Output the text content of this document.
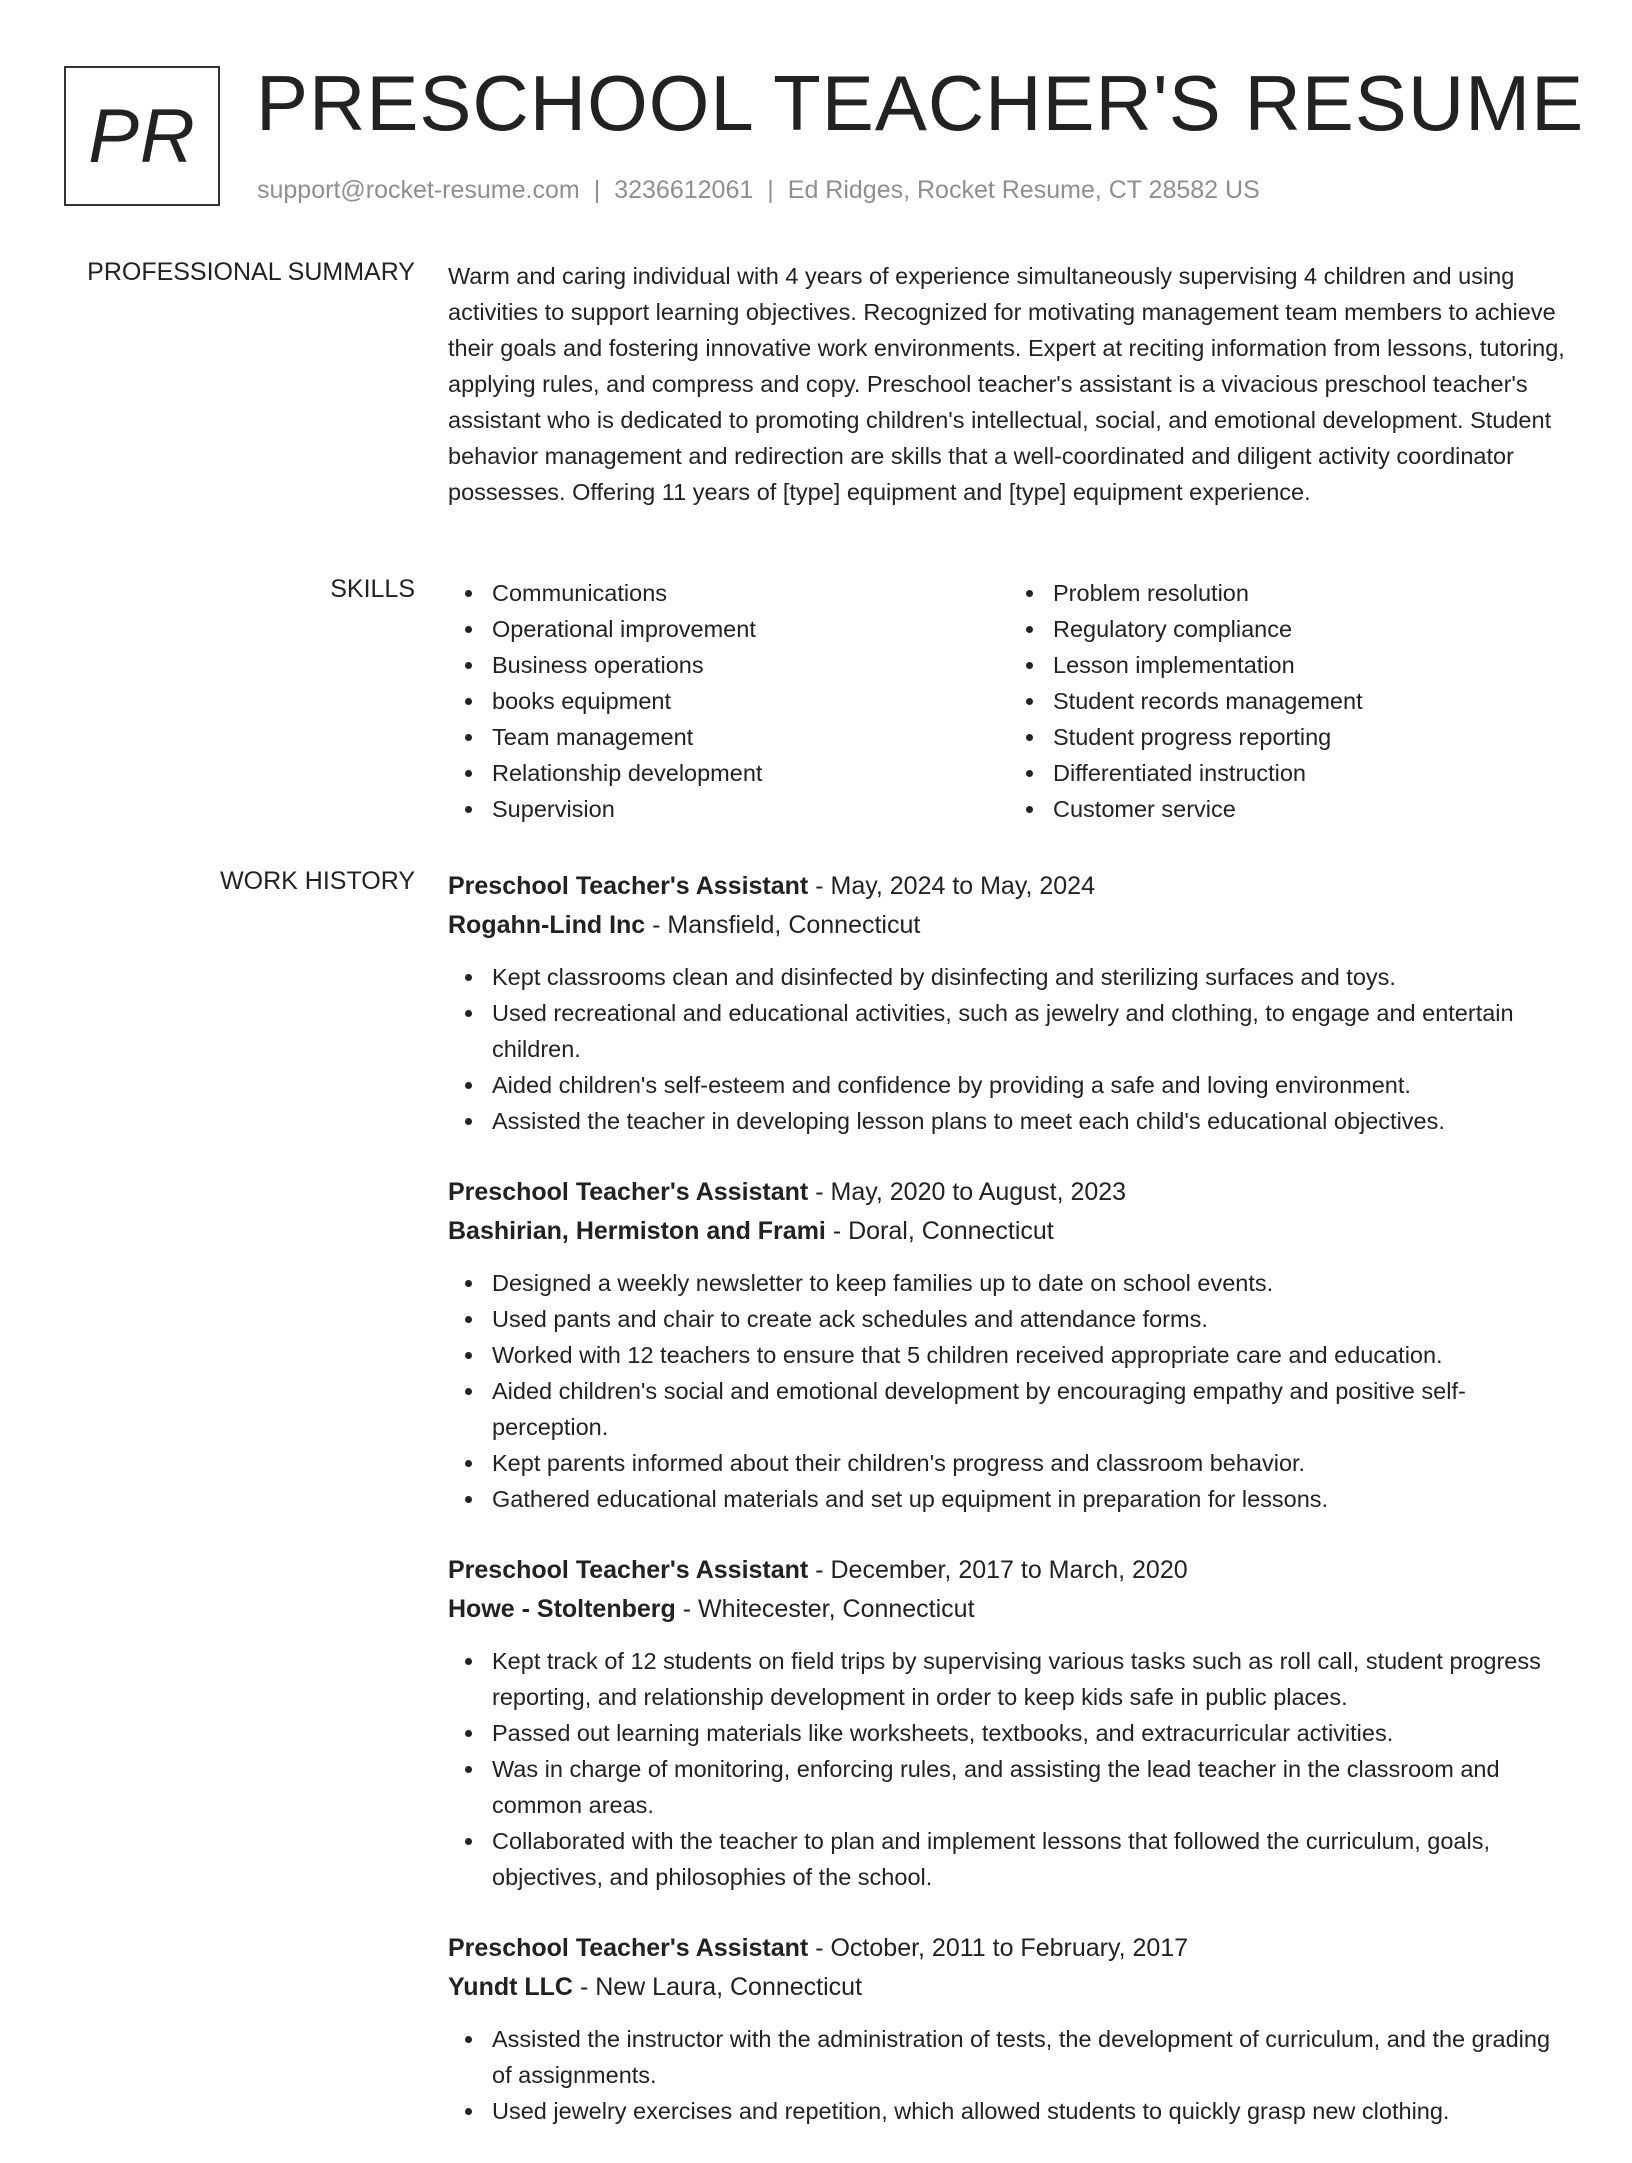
PR PRESCHOOL TEACHER'S RESUME
support@rocket-resume.com | 3236612061 | Ed Ridges, Rocket Resume, CT 28582 US
PROFESSIONAL SUMMARY Warm and caring individual with 4 years of experience simultaneously supervising 4 children and using activities to support learning objectives. Recognized for motivating management team members to achieve their goals and fostering innovative work environments. Expert at reciting information from lessons, tutoring, applying rules, and compress and copy. Preschool teacher's assistant is a vivacious preschool teacher's assistant who is dedicated to promoting children's intellectual, social, and emotional development. Student behavior management and redirection are skills that a well-coordinated and diligent activity coordinator possesses. Offering 11 years of [type] equipment and [type] equipment experience.

SKILLS	Communications
Operational improvement
Business operations
books equipment
Team management
Relationship development
Supervision
Problem resolution
Regulatory compliance
Lesson implementation
Student records management
Student progress reporting
Differentiated instruction
Customer service
WORK HISTORY Preschool Teacher's Assistant - May, 2024 to May, 2024
Rogahn-Lind Inc - Mansfield, Connecticut
Kept classrooms clean and disinfected by disinfecting and sterilizing surfaces and toys.
Used recreational and educational activities, such as jewelry and clothing, to engage and entertain children.
Aided children's self-esteem and confidence by providing a safe and loving environment.
Assisted the teacher in developing lesson plans to meet each child's educational objectives.
Preschool Teacher's Assistant - May, 2020 to August, 2023
Bashirian, Hermiston and Frami - Doral, Connecticut
Designed a weekly newsletter to keep families up to date on school events.
Used pants and chair to create ack schedules and attendance forms.
Worked with 12 teachers to ensure that 5 children received appropriate care and education.
Aided children's social and emotional development by encouraging empathy and positive self-perception.
Kept parents informed about their children's progress and classroom behavior.
Gathered educational materials and set up equipment in preparation for lessons.
Preschool Teacher's Assistant - December, 2017 to March, 2020
Howe - Stoltenberg - Whitecester, Connecticut
Kept track of 12 students on field trips by supervising various tasks such as roll call, student progress reporting, and relationship development in order to keep kids safe in public places.
Passed out learning materials like worksheets, textbooks, and extracurricular activities.
Was in charge of monitoring, enforcing rules, and assisting the lead teacher in the classroom and common areas.
Collaborated with the teacher to plan and implement lessons that followed the curriculum, goals, objectives, and philosophies of the school.
Preschool Teacher's Assistant - October, 2011 to February, 2017
Yundt LLC - New Laura, Connecticut
Assisted the instructor with the administration of tests, the development of curriculum, and the grading of assignments.
Used jewelry exercises and repetition, which allowed students to quickly grasp new clothing.
